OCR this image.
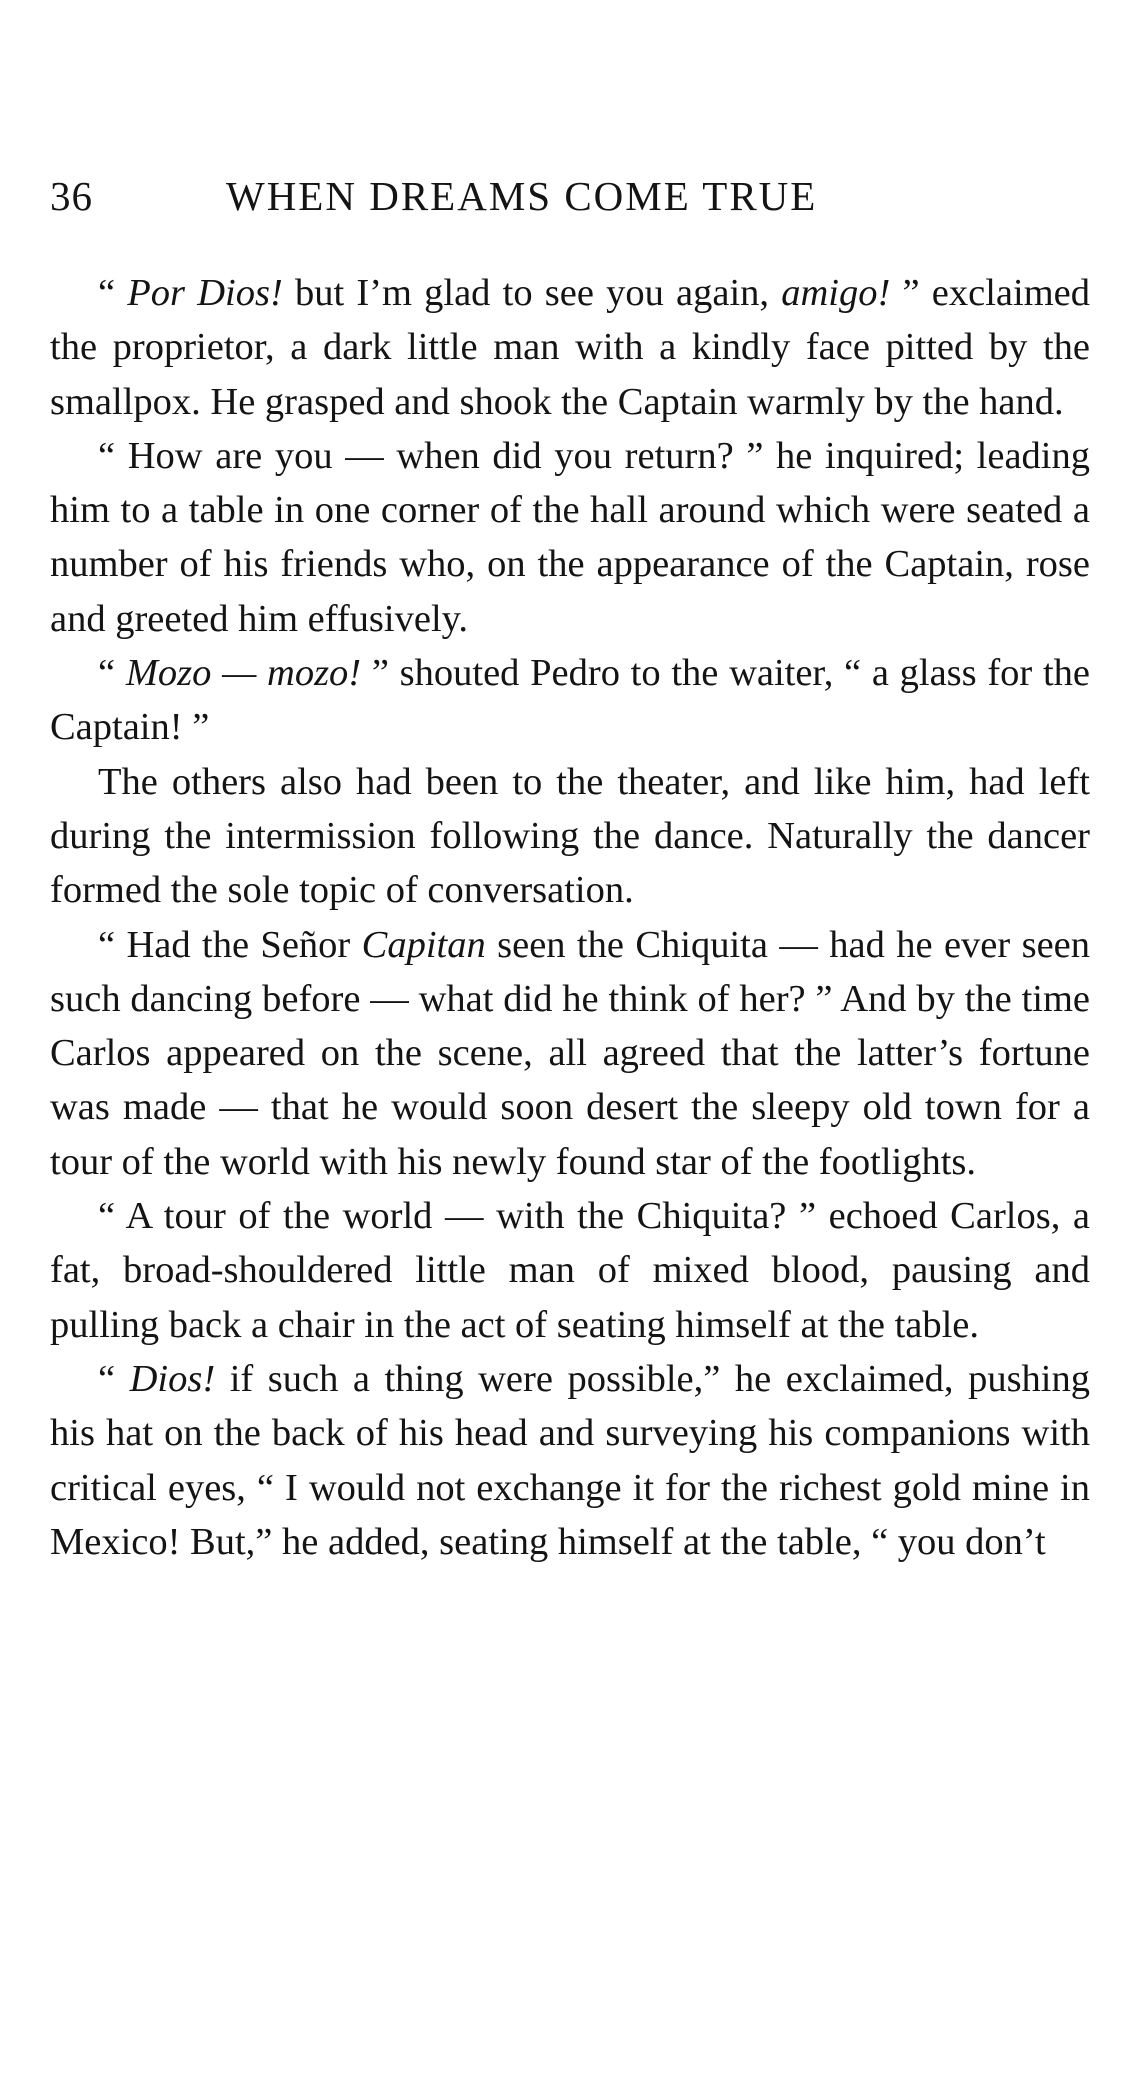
36	WHEN DREAMS COME TRUE

“ Por Dios! but I’m glad to see you again, amigo! ” exclaimed the proprietor, a dark little man with a kindly face pitted by the smallpox. He grasped and shook the Captain warmly by the hand.

“ How are you — when did you return? ” he inquired; leading him to a table in one corner of the hall around which were seated a number of his friends who, on the appearance of the Captain, rose and greeted him effusively.

“ Mozo — mozo! ” shouted Pedro to the waiter, “ a glass for the Captain! ”

The others also had been to the theater, and like him, had left during the intermission following the dance. Naturally the dancer formed the sole topic of conversation.

“ Had the Señor Capitan seen the Chiquita — had he ever seen such dancing before — what did he think of her? ” And by the time Carlos appeared on the scene, all agreed that the latter’s fortune was made — that he would soon desert the sleepy old town for a tour of the world with his newly found star of the footlights.

“ A tour of the world — with the Chiquita? ” echoed Carlos, a fat, broad-shouldered little man of mixed blood, pausing and pulling back a chair in the act of seating himself at the table.

“ Dios! if such a thing were possible,” he exclaimed, pushing his hat on the back of his head and surveying his companions with critical eyes, “ I would not exchange it for the richest gold mine in Mexico! But,” he added, seating himself at the table, “ you don’t
